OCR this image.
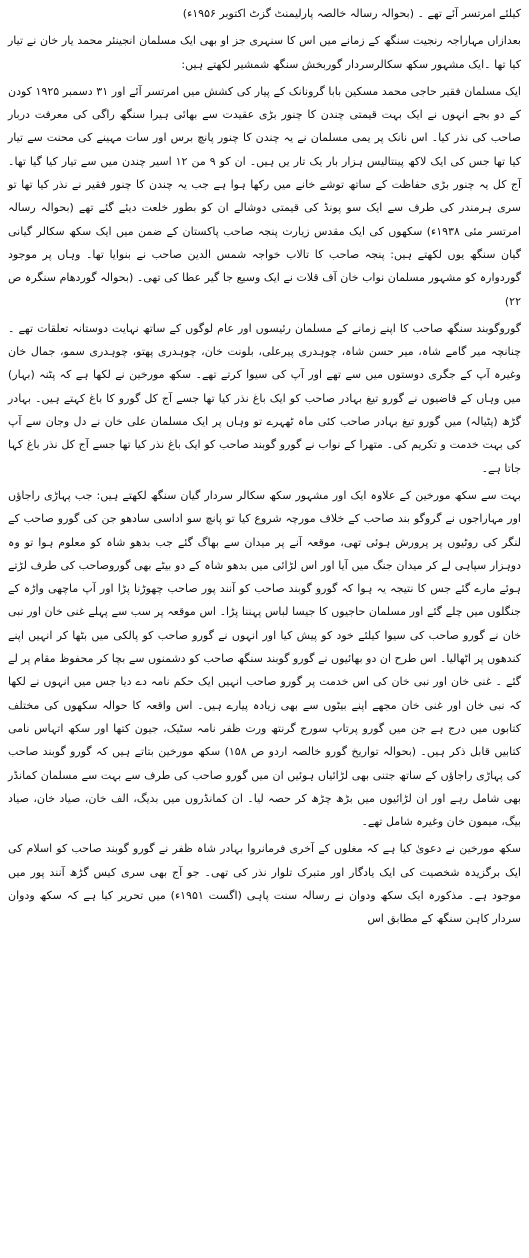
کیلئے امرتسر آئے تھے ۔ (بحوالہ رسالہ خالصہ پارلیمنٹ گزٹ اکتوبر ۱۹۵۶ء)

بعدازاں مہاراجہ رنجیت سنگھ کے زمانے میں اس کا سنہری جز او بھی ایک مسلمان انجینئر محمد یار خان نے تیار کیا تھا ۔ایک مشہور سکھ سکالرسردار گوربخش سنگھ شمشیر لکھتے ہیں:

ایک مسلمان فقیر حاجی محمد مسکین بابا گرونانک کے پیار کی کشش میں امرتسر آئے اور ۳۱ دسمبر ۱۹۲۵ کودن کے دو بجے انہوں نے ایک بہت قیمتی چندن کا چنور بڑی عقیدت سے بھائی ہیرا سنگھ راگی کی معرفت دربار صاحب کی نذر کیا۔ اس نانک پر یمی مسلمان نے یہ چندن کا چنور پانچ برس اور سات مہینے کی محنت سے تیار کیا تھا جس کی ایک لاکھ پینتالیس ہزار بار یک تار یں ہیں۔ ان کو ۹ من ۱۲ اسیر چندن میں سے تیار کیا گیا تھا۔ آج کل یہ چنور بڑی حفاظت کے ساتھ توشے خانے میں رکھا ہوا ہے جب یہ چندن کا چنور فقیر نے نذر کیا تھا تو سری ہرمندر کی طرف سے ایک سو پونڈ کی قیمتی دوشالے ان کو بطور خلعت دیئے گئے تھے (بحوالہ رسالہ امرتسر مئی ۱۹۳۸ء) سکھوں کی ایک مقدس زیارت پنجہ صاحب پاکستان کے ضمن میں ایک سکھ سکالر گیانی گیان سنگھ یوں لکھتے ہیں: پنجہ صاحب کا تالاب خواجہ شمس الدین صاحب نے بنوایا تھا۔ وہاں پر موجود گوردوارہ کو مشہور مسلمان نواب خان آف قلات نے ایک وسیع جا گیر عطا کی تھی۔ (بحوالہ گوردھام سنگرہ ص ۲۲)

گوروگوبند سنگھ صاحب کا اپنے زمانے کے مسلمان رئیسوں اور عام لوگوں کے ساتھ نہایت دوستانہ تعلقات تھے ۔چنانچہ میر گامے شاہ، میر حسن شاہ، چوہدری پیرعلی، بلونت خان، چوہدری پھتو، چوہدری سمو، جمال خان وغیرہ آپ کے جگری دوستوں میں سے تھے اور آپ کی سیوا کرتے تھے۔ سکھ مورخین نے لکھا ہے کہ پٹنہ (بہار) میں وہاں کے قاضیوں نے گورو تیغ بہادر صاحب کو ایک باغ نذر کیا تھا جسے آج کل گورو کا باغ کہتے ہیں۔ بہادر گڑھ (پٹیالہ) میں گورو تیغ بہادر صاحب کئی ماہ ٹھہرے تو وہاں پر ایک مسلمان علی خان نے دل وجان سے آپ کی بہت خدمت و تکریم کی۔ متھرا کے نواب نے گورو گوبند صاحب کو ایک باغ نذر کیا تھا جسے آج کل نذر باغ کہا جاتا ہے۔

بہت سے سکھ مورخین کے علاوہ ایک اور مشہور سکھ سکالر سردار گیان سنگھ لکھتے ہیں: جب پہاڑی راجاؤں اور مہاراجوں نے گروگو بند صاحب کے خلاف مورچہ شروع کیا تو پانچ سو اداسی سادھو جن کی گورو صاحب کے لنگر کی روٹیوں پر پرورش ہوئی تھی، موقعہ آنے پر میدان سے بھاگ گئے جب بدھو شاہ کو معلوم ہوا تو وہ دوہزار سپاہی لے کر میدان جنگ میں آیا اور اس لڑائی میں بدھو شاہ کے دو بیٹے بھی گوروصاحب کی طرف لڑتے ہوئے مارے گئے جس کا نتیجہ یہ ہوا کہ گورو گوبند صاحب کو آنند پور صاحب چھوڑنا پڑا اور آپ ماچھی واڑہ کے جنگلوں میں چلے گئے اور مسلمان حاجیوں کا جیسا لباس پہننا پڑا۔ اس موقعہ پر سب سے پہلے غنی خان اور نبی خان نے گورو صاحب کی سیوا کیلئے خود کو پیش کیا اور انہوں نے گورو صاحب کو پالکی میں بٹھا کر انہیں اپنے کندھوں پر اٹھالیا۔ اس طرح ان دو بھائیوں نے گورو گوبند سنگھ صاحب کو دشمنوں سے بچا کر محفوظ مقام پر لے گئے ۔ غنی خان اور نبی خان کی اس خدمت پر گورو صاحب انہیں ایک حکم نامہ دے دیا جس میں انہوں نے لکھا کہ نبی خان اور غنی خان مجھے اپنے بیٹوں سے بھی زیادہ پیارے ہیں۔ اس واقعہ کا حوالہ سکھوں کی مختلف کتابوں میں درج ہے جن میں گورو پرتاپ سورج گرنتھ ورت ظفر نامہ سٹیک، جیون کتھا اور سکھ اتہاس نامی کتابیں قابل ذکر ہیں۔ (بحوالہ تواریخ گورو خالصہ اردو ص ۱۵۸) سکھ مورخین بتاتے ہیں کہ گورو گوبند صاحب کی پہاڑی راجاؤں کے ساتھ جتنی بھی لڑائیاں ہوئیں ان میں گورو صاحب کی طرف سے بہت سے مسلمان کمانڈر بھی شامل رہے اور ان لڑائیوں میں بڑھ چڑھ کر حصہ لیا۔ ان کمانڈروں میں بدیگ، الف خان، صیاد خان، صیاد بیگ، میمون خان وغیرہ شامل تھے۔

سکھ مورخین نے دعویٰ کیا ہے کہ مغلوں کے آخری فرمانروا بہادر شاہ ظفر نے گورو گوبند صاحب کو اسلام کی ایک برگزیدہ شخصیت کی ایک یادگار اور متبرک تلوار نذر کی تھی۔ جو آج بھی سری کیس گڑھ آنند پور میں موجود ہے۔ مذکورہ ایک سکھ ودوان نے رسالہ سنت پاہی (اگست ۱۹۵۱ء) میں تحریر کیا ہے کہ سکھ ودوان سردار کاہن سنگھ کے مطابق اس
